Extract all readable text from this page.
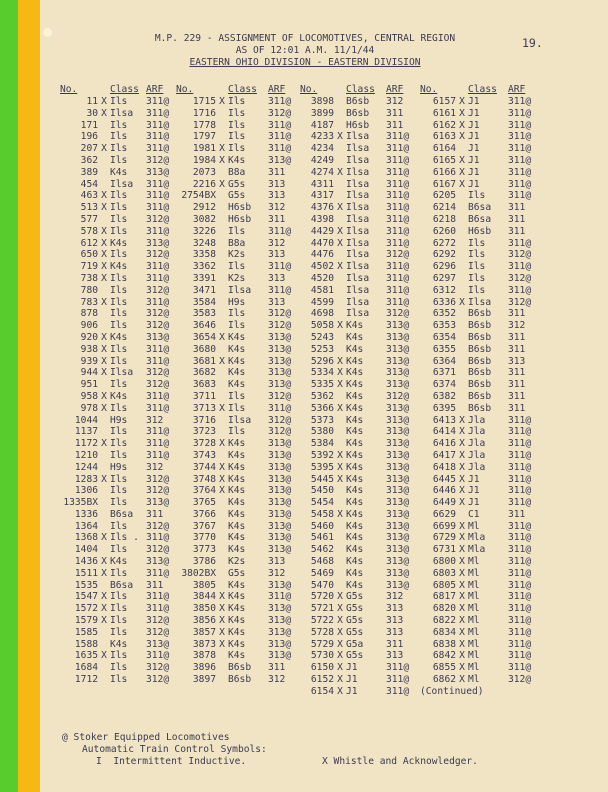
19.
M.P. 229 - ASSIGNMENT OF LOCOMOTIVES, CENTRAL REGION
AS OF 12:01 A.M. 11/1/44
EASTERN OHIO DIVISION - EASTERN DIVISION
No.	Class ARF
11 X Ils	311@
30 X Ilsa	311@
171 Ils	311@
196 Ils	311@
207 X Ils	311@
362 Ils	312@
389 K4s	313@
454 Ilsa	311@
463 X Ils	311@
513 X Ils	311@
577 Ils	312@
578 X Ils	311@
612 X K4s	313@
650 X Ils	312@
719 X K4s	311@
738 X Ils	311@
780 Ils	312@
783 X Ils	311@
878 Ils	312@
906 Ils	312@
920 X K4s	313@
938 X Ils	311@
939 X Ils	311@
944 X Ilsa	312@
951 Ils	312@
958 X K4s	311@
978 X Ils	311@
1044 H9s	312
1137 Ils	311@
1172 X Ils	311@
1210 Ils	311@
1244 H9s	312
1283 X Ils	312@
1306 Ils	312@
1335BX Ils	313@
1336 B6sa	311
1364 Ils	312@
1368 X Ils . 311@
1404 Ils	312@
1436 X K4s	313@
1511 X Ils	311@
1535 B6sa	311
1547 X Ils	311@
1572 X Ils	311@
1579 X Ils	312@
1585 Ils	312@
1588 K4s	313@
1635 X Ils	311@
1684 Ils	312@
1712 Ils	312@
No.	Class	ARF
1715 X Ils	311@
1716 Ils	312@
1778 Ils	311@
1797 Ils	311@
1981 X Ils	311@
1984 X K4s	313@
2073 B8a	311
2216 X G5s	313
2754BX G5s	313
2912 H6sb	312
3082 H6sb	311
3226 Ils	311@
3248 B8a	312
3358 K2s	313
3362 Ils	311@
3391 K2s	313
3471 Ilsa	311@
3584 H9s	313
3583 Ils	312@
3646 Ils	312@
3654 X K4s	313@
3680 K4s	313@
3681 X K4s	313@
3682 K4s	313@
3683 K4s	313@
3711 Ils	312@
3713 X Ils	311@
3716 Ilsa	312@
3723 Ils	312@
3728 X K4s	313@
3743 K4s	313@
3744 X K4s	313@
3748 X K4s	313@
3764 X K4s	313@
3765 K4s	313@
3766 K4s	313@
3767 K4s	313@
3770 K4s	313@
3773 K4s	313@
3786 K2s	313
3802BX G5s	312
3805 K4s	313@
3844 X K4s	311@
3850 X K4s	313@
3856 X K4s	313@
3857 X K4s	313@
3873 X K4s	313@
3878 K4s	313@
3896 B6sb	311
3897 B6sb	312
No.	Class	ARF
3898 B6sb	312
3899 B6sb	311
4187 H6sb	311
4233 X Ilsa	311@
4234 Ilsa	311@
4249 Ilsa	311@
4274 X Ilsa	311@
4311 Ilsa	311@
4317 Ilsa	311@
4376 X Ilsa	311@
4398 Ilsa	311@
4429 X Ilsa	311@
4470 X Ilsa	311@
4476 Ilsa	312@
4502 X Ilsa	311@
4520 Ilsa	311@
4581 Ilsa	311@
4599 Ilsa	311@
4698 Ilsa	312@
5058 X K4s	313@
5243 K4s	313@
5253 K4s	313@
5296 X K4s	313@
5334 X K4s	313@
5335 X K4s	313@
5362 K4s	312@
5366 X K4s	313@
5373 K4s	313@
5380 K4s	313@
5384 K4s	313@
5392 X K4s	313@
5395 X K4s	313@
5445 X K4s	313@
5450 K4s	313@
5454 K4s	313@
5458 X K4s	313@
5460 K4s	313@
5461 K4s	313@
5462 K4s	313@
5468 K4s	313@
5469 K4s	313@
5470 K4s	313@
5720 X G5s	312
5721 X G5s	313
5722 X G5s	313
5728 X G5s	313
5729 X G5a	311
5730 X G5s	313
6150 X J1	311@
6152 X J1	311@
6154 X J1	311@
No.	Class	ARF
6157 X J1	311@
6161 X J1	311@
6162 X J1	311@
6163 X J1	311@
6164 J1	311@
6165 X J1	311@
6166 X J1	311@
6167 X J1	311@
6205 Ils	311@
6214 B6sa	311
6218 B6sa	311
6260 H6sb	311
6272 Ils	311@
6292 Ils	312@
6296 Ils	311@
6297 Ils	312@
6312 Ils	311@
6336 X Ilsa	312@
6352 B6sb	311
6353 B6sb	312
6354 B6sb	311
6355 B6sb	311
6364 B6sb	313
6371 B6sb	311
6374 B6sb	311
6382 B6sb	311
6395 B6sb	311
6413 X Jla	311@
6414 X Jla	311@
6416 X Jla	311@
6417 X Jla	311@
6418 X Jla	311@
6445 X J1	311@
6446 X J1	311@
6449 X J1	311@
6629 C1	311
6699 X Ml	311@
6729 X Mla	311@
6731 X Mla	311@
6800 X Ml	311@
6803 X Ml	311@
6805 X Ml	311@
6817 X Ml	311@
6820 X Ml	311@
6822 X Ml	311@
6834 X Ml	311@
6838 X Ml	311@
6842 X Ml	311@
6855 X Ml	311@
6862 X Ml	312@
(Continued)
@ Stoker Equipped Locomotives
Automatic Train Control Symbols:
I  Intermittent Inductive.	X Whistle and Acknowledger.
